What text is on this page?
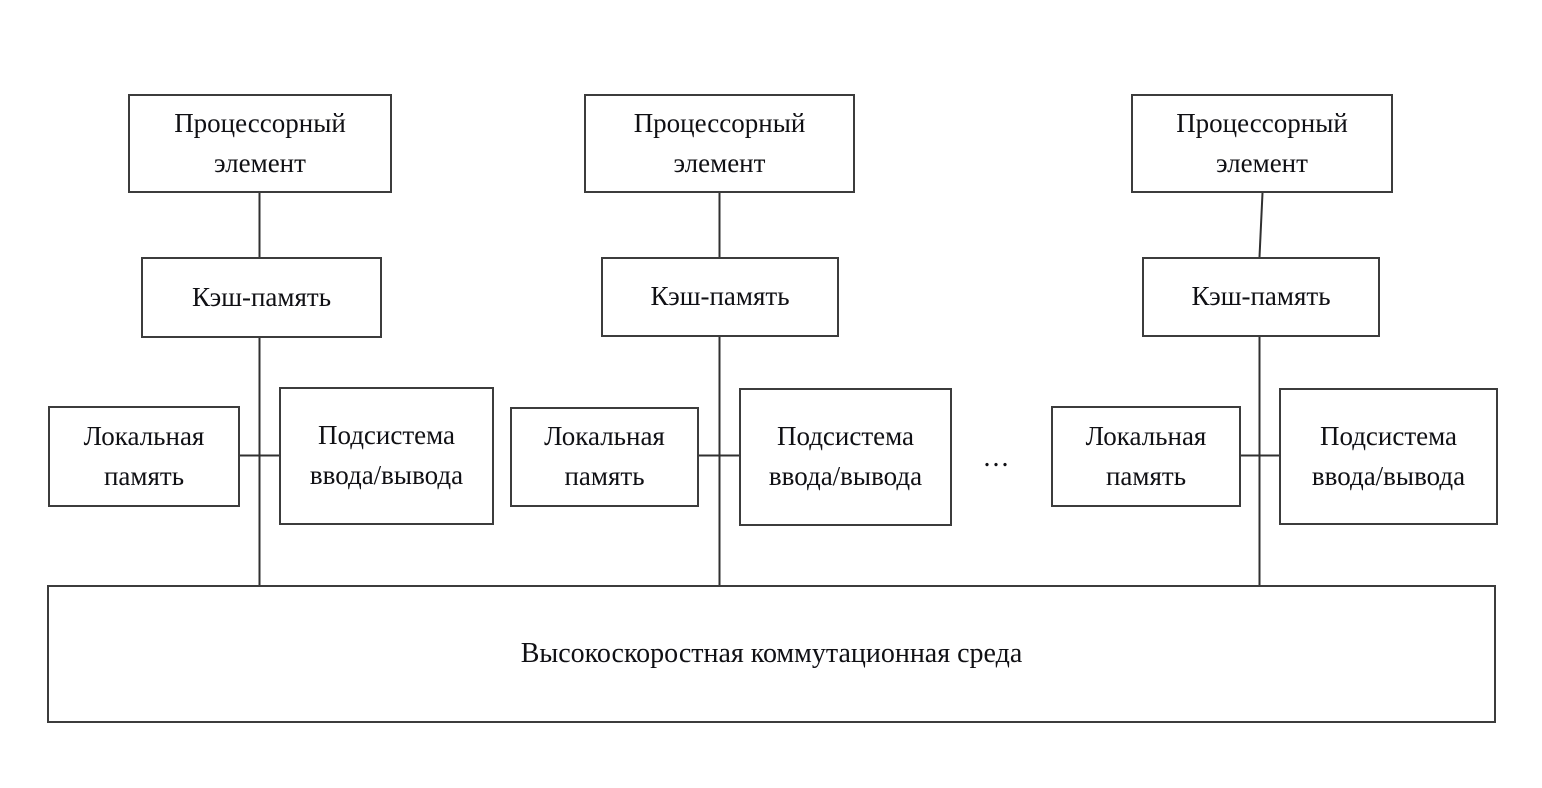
Процессорный элемент
Кэш-память
Локальная память
Подсистема ввода/вывода
Процессорный элемент
Кэш-память
Локальная память
Подсистема ввода/вывода
...
Процессорный элемент
Кэш-память
Локальная память
Подсистема ввода/вывода
Высокоскоростная коммутационная среда
